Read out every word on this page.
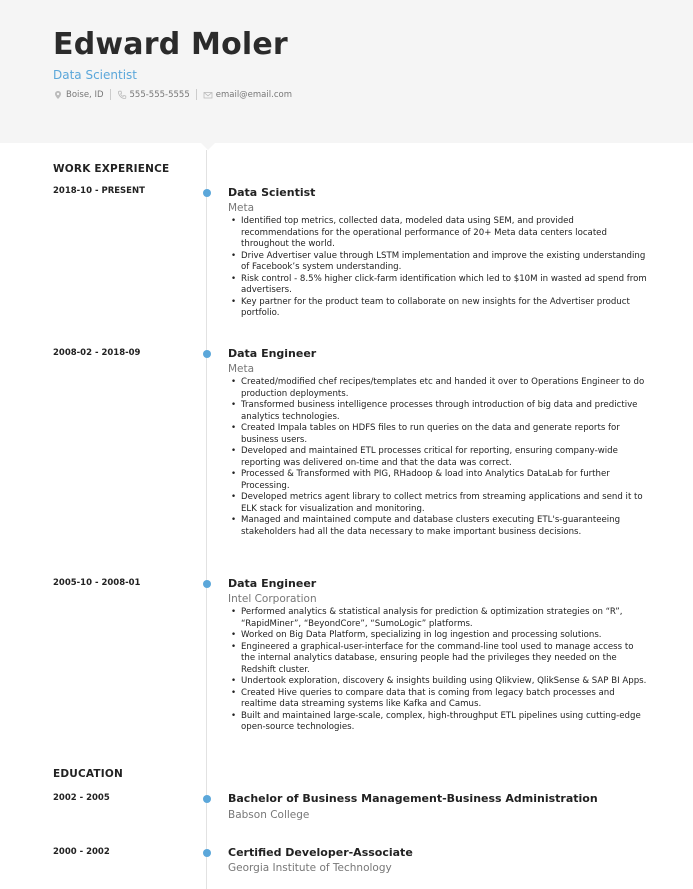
Edward Moler
Data Scientist
Boise, ID	555-555-5555	email@email.com
WORK EXPERIENCE
2018-10 - PRESENT	Data Scientist
Meta
• Identified top metrics, collected data, modeled data using SEM, and provided recommendations for the operational performance of 20+ Meta data centers located throughout the world.
• Drive Advertiser value through LSTM implementation and improve the existing understanding of Facebook’s system understanding.
• Risk control - 8.5% higher click-farm identification which led to $10M in wasted ad spend from advertisers.
• Key partner for the product team to collaborate on new insights for the Advertiser product portfolio.
2008-02 - 2018-09	Data Engineer
Meta
• Created/modified chef recipes/templates etc and handed it over to Operations Engineer to do production deployments.
• Transformed business intelligence processes through introduction of big data and predictive analytics technologies.
• Created Impala tables on HDFS files to run queries on the data and generate reports for business users.
• Developed and maintained ETL processes critical for reporting, ensuring company-wide reporting was delivered on-time and that the data was correct.
• Processed & Transformed with PIG, RHadoop & load into Analytics DataLab for further Processing.
• Developed metrics agent library to collect metrics from streaming applications and send it to ELK stack for visualization and monitoring.
• Managed and maintained compute and database clusters executing ETL's-guaranteeing stakeholders had all the data necessary to make important business decisions.
2005-10 - 2008-01	Data Engineer
Intel Corporation
• Performed analytics & statistical analysis for prediction & optimization strategies on “R”, “RapidMiner”, “BeyondCore”, “SumoLogic” platforms.
• Worked on Big Data Platform, specializing in log ingestion and processing solutions.
• Engineered a graphical-user-interface for the command-line tool used to manage access to the internal analytics database, ensuring people had the privileges they needed on the Redshift cluster.
• Undertook exploration, discovery & insights building using Qlikview, QlikSense & SAP BI Apps.
• Created Hive queries to compare data that is coming from legacy batch processes and realtime data streaming systems like Kafka and Camus.
• Built and maintained large-scale, complex, high-throughput ETL pipelines using cutting-edge open-source technologies.
EDUCATION
2002 - 2005	Bachelor of Business Management-Business Administration
Babson College
2000 - 2002	Certified Developer-Associate
Georgia Institute of Technology
